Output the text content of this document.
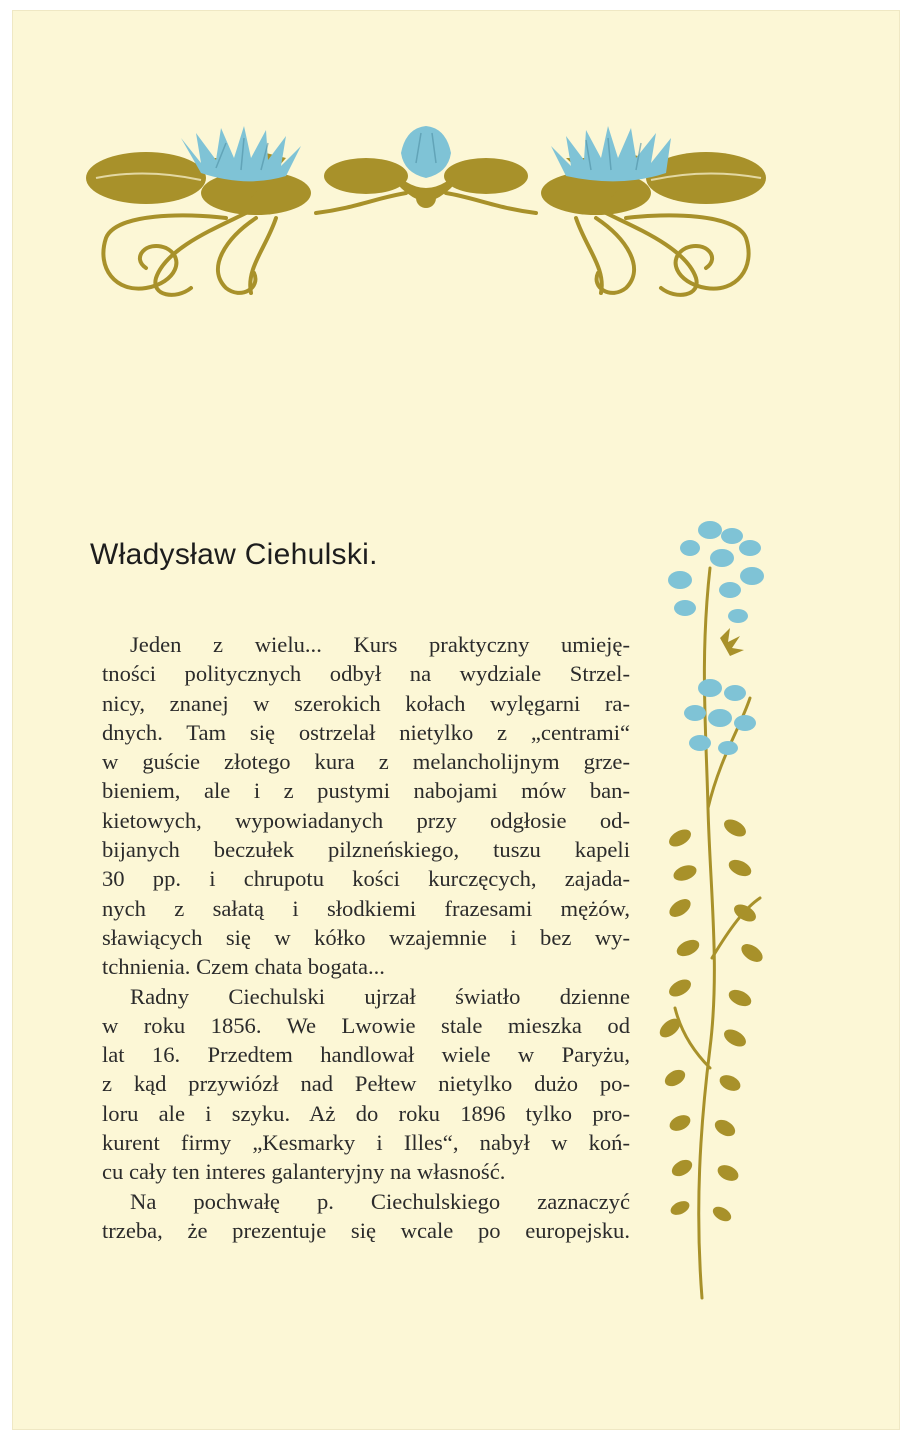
Władysław Ciehulski.
Jeden z wielu... Kurs praktyczny umieję-
tności politycznych odbył na wydziale Strzel-
nicy, znanej w szerokich kołach wylęgarni ra-
dnych. Tam się ostrzelał nietylko z „centrami“
w guście złotego kura z melancholijnym grze-
bieniem, ale i z pustymi nabojami mów ban-
kietowych, wypowiadanych przy odgłosie od-
bijanych beczułek pilzneńskiego, tuszu kapeli
30 pp. i chrupotu kości kurczęcych, zajada-
nych z sałatą i słodkiemi frazesami mężów,
sławiących się w kółko wzajemnie i bez wy-
tchnienia. Czem chata bogata...
Radny Ciechulski ujrzał światło dzienne
w roku 1856. We Lwowie stale mieszka od
lat 16. Przedtem handlował wiele w Paryżu,
z kąd przywiózł nad Pełtew nietylko dużo po-
loru ale i szyku. Aż do roku 1896 tylko pro-
kurent firmy „Kesmarky i Illes“, nabył w koń-
cu cały ten interes galanteryjny na własność.
Na pochwałę p. Ciechulskiego zaznaczyć
trzeba, że prezentuje się wcale po europejsku.
